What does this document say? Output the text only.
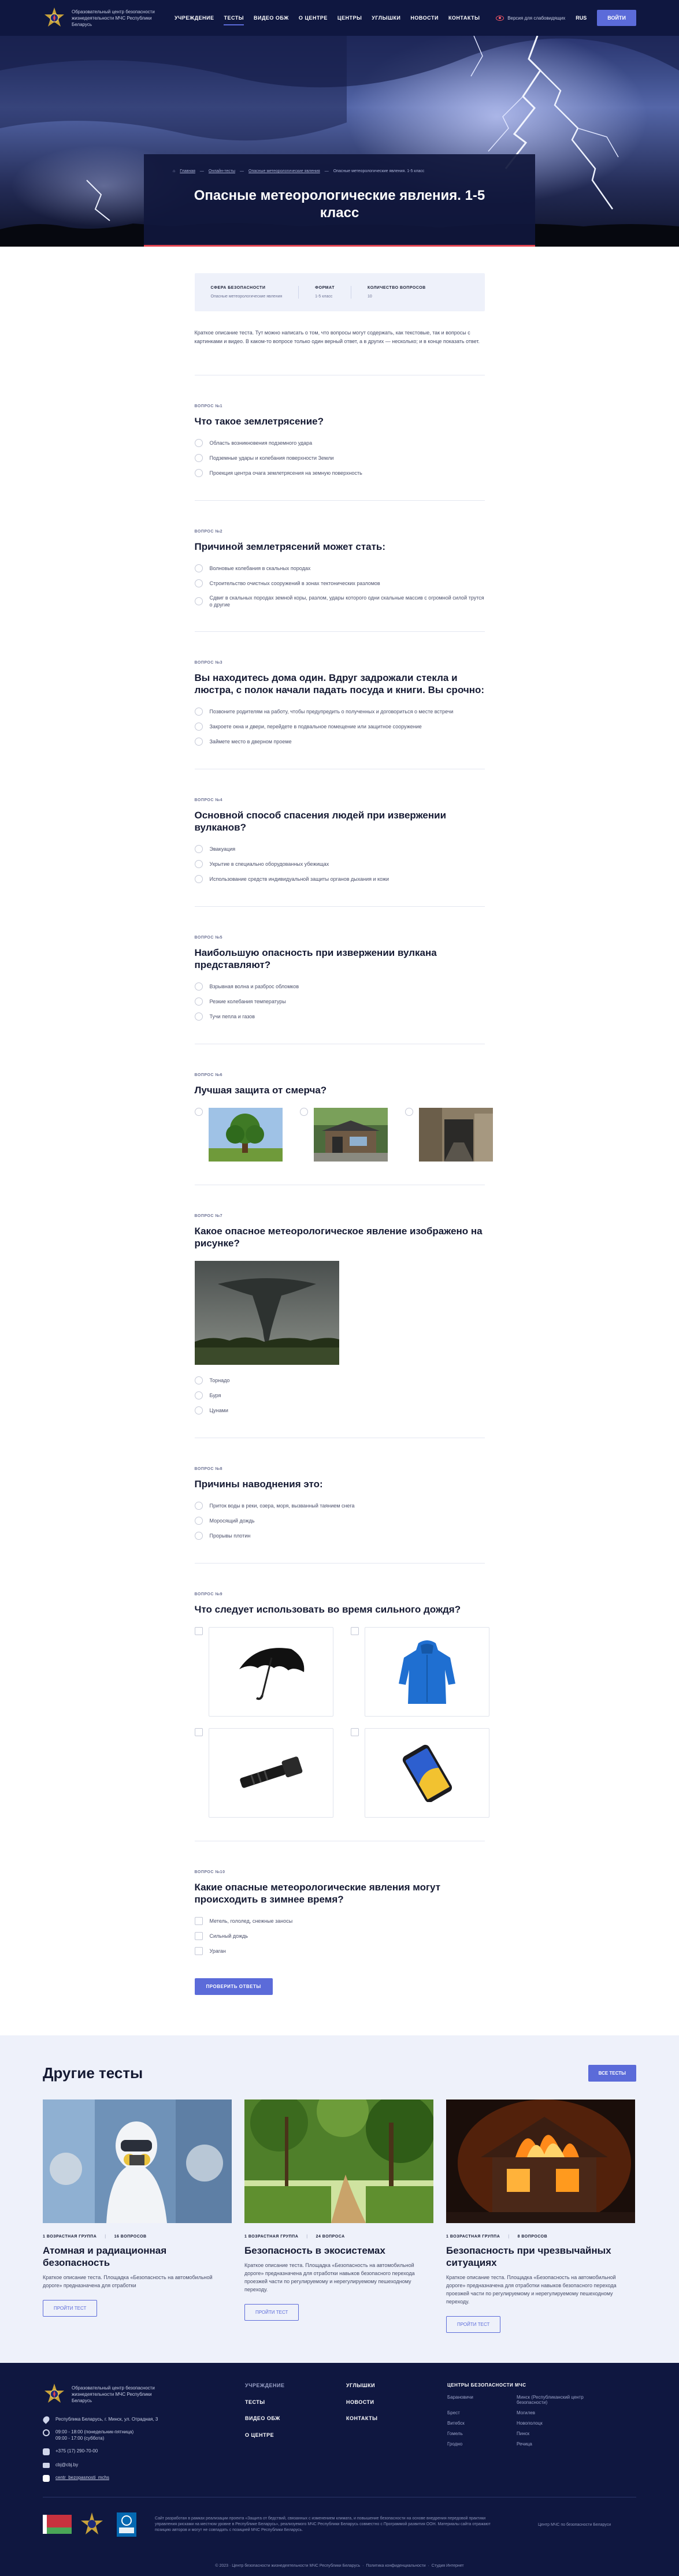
Образовательный центр безопасности жизнедеятельности МЧС Республики Беларусь
УЧРЕЖДЕНИЕ ТЕСТЫ ВИДЕО ОБЖ О ЦЕНТРЕ ЦЕНТРЫ УГЛЫШКИ НОВОСТИ КОНТАКТЫ	Версия для слабовидящих RUS	ВОЙТИ
⌂ Главная — Онлайн-тесты — Опасные метеорологические явления — Опасные метеорологические явления. 1-5 класс
Опасные метеорологические явления. 1-5 класс
СФЕРА БЕЗОПАСНОСТИ
Опасные метеорологические явления
ФОРМАТ
1-5 класс
КОЛИЧЕСТВО ВОПРОСОВ
10

Краткое описание теста. Тут можно написать о том, что вопросы могут содержать, как текстовые, так и вопросы с картинками и видео. В каком-то вопросе только один верный ответ, а в других — несколько; и в конце показать ответ.

ВОПРОС №1
Что такое землетрясение?
Область возникновения подземного удара
Подземные удары и колебания поверхности Земли
Проекция центра очага землетрясения на земную поверхность
ВОПРОС №2
Причиной землетрясений может стать:
Волновые колебания в скальных породах
Строительство очистных сооружений в зонах тектонических разломов
Сдвиг в скальных породах земной коры, разлом, удары которого одни скальные массив с огромной силой трутся о другие
ВОПРОС №3
Вы находитесь дома один. Вдруг задрожали стекла и люстра, с полок начали падать посуда и книги. Вы срочно:
Позвоните родителям на работу, чтобы предупредить о полученных и договориться о месте встречи
Закроете окна и двери, перейдете в подвальное помещение или защитное сооружение
Займете место в дверном проеме
ВОПРОС №4
Основной способ спасения людей при извержении вулканов?
Эвакуация
Укрытие в специально оборудованных убежищах
Использование средств индивидуальной защиты органов дыхания и кожи
ВОПРОС №5
Наибольшую опасность при извержении вулкана представляют?
Взрывная волна и разброс обломков
Резкие колебания температуры
Тучи пепла и газов
ВОПРОС №6
Лучшая защита от смерча?
ВОПРОС №7
Какое опасное метеорологическое явление изображено на рисунке?
Торнадо
Буря
Цунами
ВОПРОС №8
Причины наводнения это:
Приток воды в реки, озера, моря, вызванный таянием снега
Моросящий дождь
Прорывы плотин
ВОПРОС №9
Что следует использовать во время сильного дождя?
ВОПРОС №10
Какие опасные метеорологические явления могут происходить в зимнее время?
Метель, гололед, снежные заносы
Сильный дождь
Ураган
ПРОВЕРИТЬ ОТВЕТЫ
Другие тесты	ВСЕ ТЕСТЫ
1 ВОЗРАСТНАЯ ГРУППА | 16 ВОПРОСОВ
Атомная и радиационная безопасность

Краткое описание теста. Площадка «Безопасность на автомобильной дороге» предназначена для отработки

ПРОЙТИ ТЕСТ
1 ВОЗРАСТНАЯ ГРУППА | 24 ВОПРОСА
Безопасность в экосистемах

Краткое описание теста. Площадка «Безопасность на автомобильной дороге» предназначена для отработки навыков безопасного перехода проезжей части по регулируемому и нерегулируемому пешеходному переходу.

ПРОЙТИ ТЕСТ
1 ВОЗРАСТНАЯ ГРУППА | 8 ВОПРОСОВ
Безопасность при чрезвычайных ситуациях

Краткое описание теста. Площадка «Безопасность на автомобильной дороге» предназначена для отработки навыков безопасного перехода проезжей части по регулируемому и нерегулируемому пешеходному переходу.

ПРОЙТИ ТЕСТ
Образовательный центр безопасности жизнедеятельности МЧС Республики Беларусь
Республика Беларусь, г. Минск, ул. Отрадная, 3
09:00 - 18:00 (понедельник-пятница)
09:00 - 17:00 (суббота)
+375 (17) 290-70-00
cbj@cbj.by
centr_bezopasnosti_mchs
УЧРЕЖДЕНИЕ	УГЛЫШКИ
ТЕСТЫ	НОВОСТИ
ВИДЕО ОБЖ	КОНТАКТЫ
О ЦЕНТРЕ
ЦЕНТРЫ БЕЗОПАСНОСТИ МЧС
Барановичи	Минск (Республиканский центр безопасности)
Брест	Могилев
Витебск	Новополоцк
Гомель	Пинск
Гродно	Речица

Сайт разработан в рамках реализации проекта «Защита от бедствий, связанных с изменением климата, и повышение безопасности на основе внедрения передовой практики управления рисками на местном уровне в Республике Беларусь», реализуемого МЧС Республики Беларусь совместно с Программой развития ООН. Материалы сайта отражают позицию авторов и могут не совпадать с позицией МЧС Республики Беларусь.

Центр МЧС по безопасности Беларуси
© 2023 · Центр безопасности жизнедеятельности МЧС Республики Беларусь  ·  Политика конфиденциальности  ·  Студия Интернет
